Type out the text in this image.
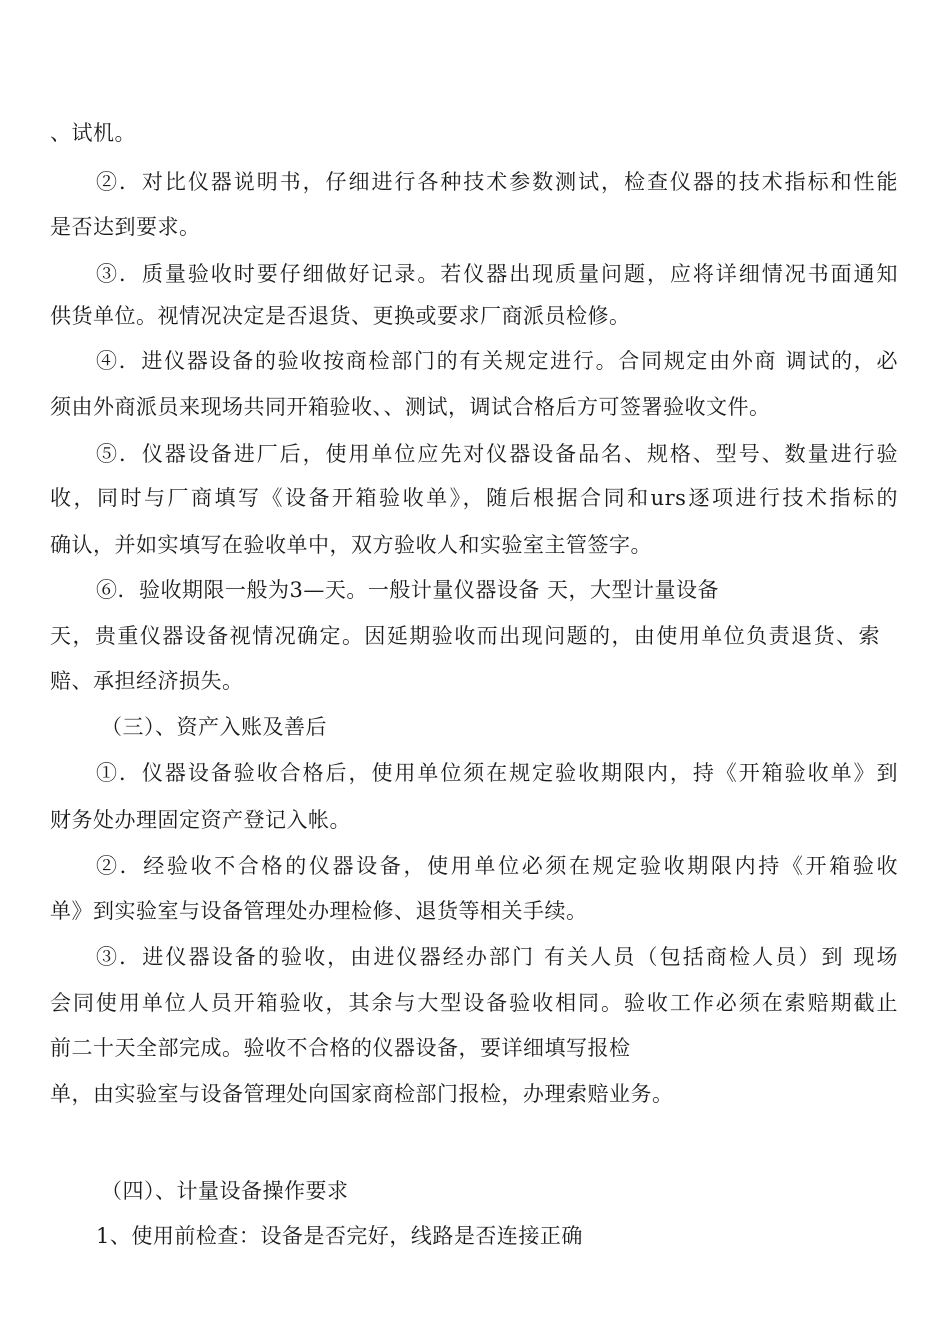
、试机。
②．对比仪器说明书，仔细进行各种技术参数测试，检查仪器的技术指标和性能
是否达到要求。
③．质量验收时要仔细做好记录。若仪器出现质量问题，应将详细情况书面通知
供货单位。视情况决定是否退货、更换或要求厂商派员检修。
④．进仪器设备的验收按商检部门的有关规定进行。合同规定由外商 调试的，必
须由外商派员来现场共同开箱验收、、测试，调试合格后方可签署验收文件。
⑤．仪器设备进厂后，使用单位应先对仪器设备品名、规格、型号、数量进行验
收，同时与厂商填写《设备开箱验收单》，随后根据合同和urs逐项进行技术指标的
确认，并如实填写在验收单中，双方验收人和实验室主管签字。
⑥．验收期限一般为3—天。一般计量仪器设备 天，大型计量设备
天，贵重仪器设备视情况确定。因延期验收而出现问题的，由使用单位负责退货、索
赔、承担经济损失。
（三）、资产入账及善后
①．仪器设备验收合格后，使用单位须在规定验收期限内，持《开箱验收单》到
财务处办理固定资产登记入帐。
②．经验收不合格的仪器设备，使用单位必须在规定验收期限内持《开箱验收
单》到实验室与设备管理处办理检修、退货等相关手续。
③．进仪器设备的验收，由进仪器经办部门 有关人员（包括商检人员）到 现场
会同使用单位人员开箱验收，其余与大型设备验收相同。验收工作必须在索赔期截止
前二十天全部完成。验收不合格的仪器设备，要详细填写报检
单，由实验室与设备管理处向国家商检部门报检，办理索赔业务。
（四）、计量设备操作要求
1、使用前检查：设备是否完好，线路是否连接正确
